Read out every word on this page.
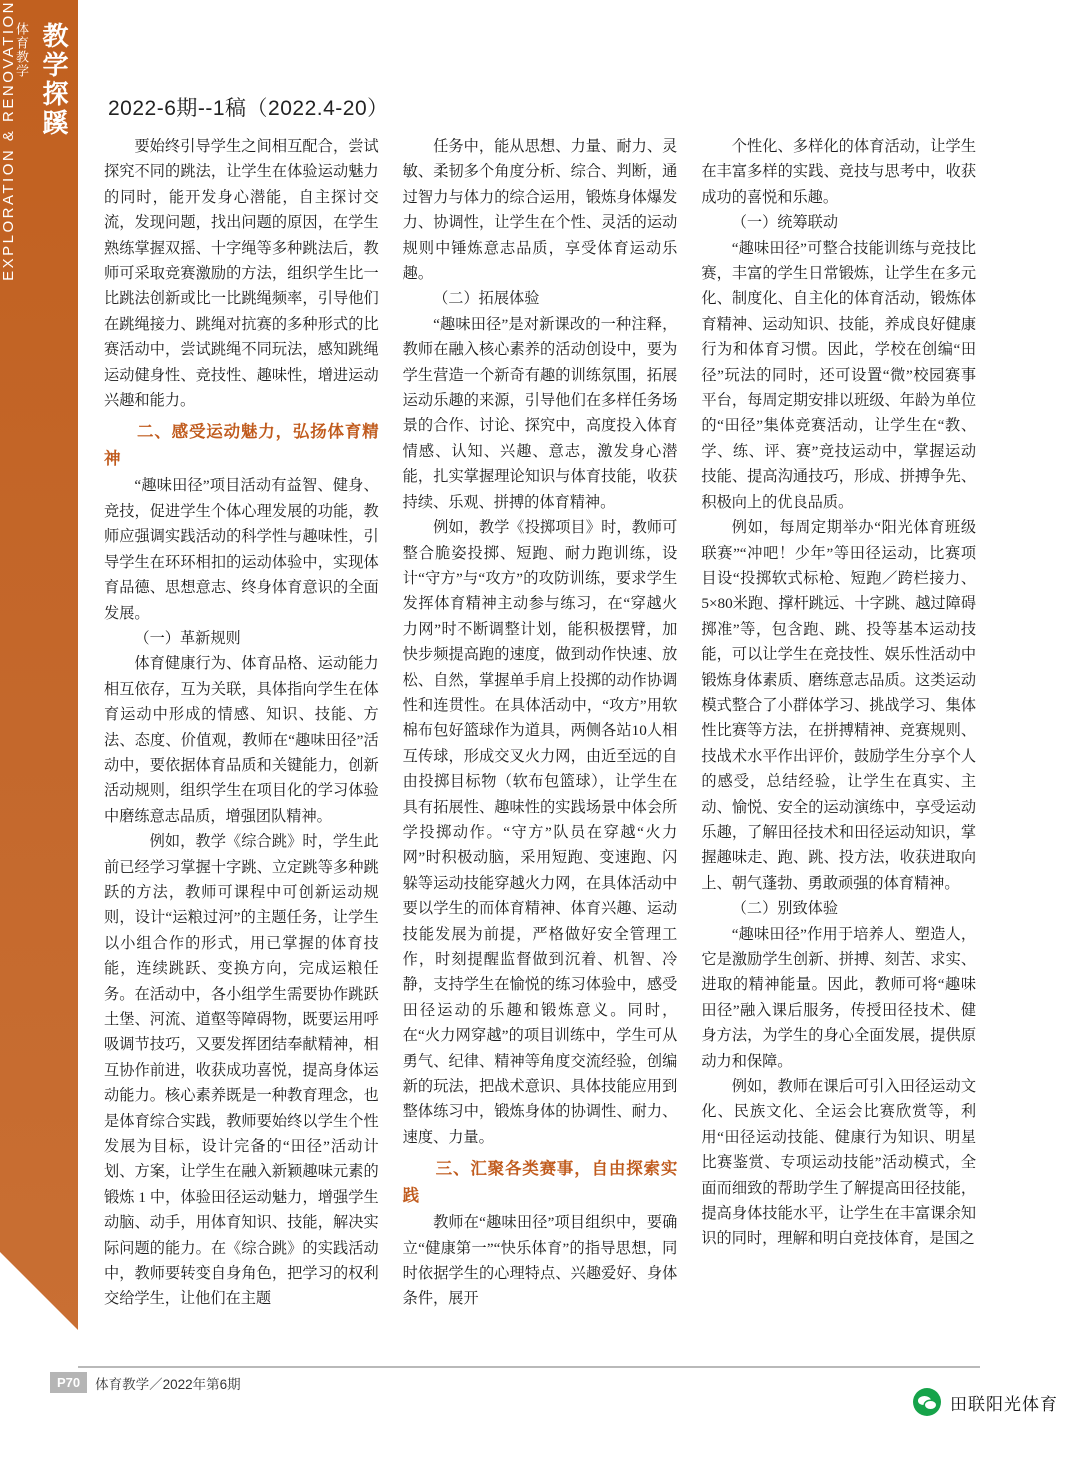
体育教学 教学探蹊
EXPLORATION & RENOVATION	2022-6期--1稿（2022.4-20）

要始终引导学生之间相互配合，尝试探究不同的跳法，让学生在体验运动魅力的同时，能开发身心潜能，自主探讨交流，发现问题，找出问题的原因，在学生熟练掌握双摇、十字绳等多种跳法后，教师可采取竞赛激励的方法，组织学生比一比跳法创新或比一比跳绳频率，引导他们在跳绳接力、跳绳对抗赛的多种形式的比赛活动中，尝试跳绳不同玩法，感知跳绳运动健身性、竞技性、趣味性，增进运动兴趣和能力。

二、感受运动魅力，弘扬体育精神

“趣味田径”项目活动有益智、健身、竞技，促进学生个体心理发展的功能，教师应强调实践活动的科学性与趣味性，引导学生在环环相扣的运动体验中，实现体育品德、思想意志、终身体育意识的全面发展。

（一）革新规则

体育健康行为、体育品格、运动能力相互依存，互为关联，具体指向学生在体育运动中形成的情感、知识、技能、方法、态度、价值观，教师在“趣味田径”活动中，要依据体育品质和关键能力，创新活动规则，组织学生在项目化的学习体验中磨练意志品质，增强团队精神。

例如，教学《综合跳》时，学生此前已经学习掌握十字跳、立定跳等多种跳跃的方法，教师可课程中可创新运动规则，设计“运粮过河”的主题任务，让学生以小组合作的形式，用已掌握的体育技能，连续跳跃、变换方向，完成运粮任务。在活动中，各小组学生需要协作跳跃土堡、河流、道壑等障碍物，既要运用呼吸调节技巧，又要发挥团结奉献精神，相互协作前进，收获成功喜悦，提高身体运动能力。核心素养既是一种教育理念，也是体育综合实践，教师要始终以学生个性发展为目标，设计完备的“田径”活动计划、方案，让学生在融入新颖趣味元素的锻炼 1 中，体验田径运动魅力，增强学生动脑、动手，用体育知识、技能，解决实际问题的能力。在《综合跳》的实践活动中，教师要转变自身角色，把学习的权利交给学生，让他们在主题

任务中，能从思想、力量、耐力、灵敏、柔韧多个角度分析、综合、判断，通过智力与体力的综合运用，锻炼身体爆发力、协调性，让学生在个性、灵活的运动规则中锤炼意志品质，享受体育运动乐趣。

（二）拓展体验

“趣味田径”是对新课改的一种注释，教师在融入核心素养的活动创设中，要为学生营造一个新奇有趣的训练氛围，拓展运动乐趣的来源，引导他们在多样任务场景的合作、讨论、探究中，高度投入体育情感、认知、兴趣、意志，激发身心潜能，扎实掌握理论知识与体育技能，收获持续、乐观、拼搏的体育精神。

例如，教学《投掷项目》时，教师可整合脆姿投掷、短跑、耐力跑训练，设计“守方”与“攻方”的攻防训练，要求学生发挥体育精神主动参与练习，在“穿越火力网”时不断调整计划，能积极摆臂，加快步频提高跑的速度，做到动作快速、放松、自然，掌握单手肩上投掷的动作协调性和连贯性。在具体活动中，“攻方”用软棉布包好篮球作为道具，两侧各站10人相互传球，形成交叉火力网，由近至远的自由投掷目标物（软布包篮球），让学生在具有拓展性、趣味性的实践场景中体会所学投掷动作。“守方”队员在穿越“火力网”时积极动脑，采用短跑、变速跑、闪躲等运动技能穿越火力网，在具体活动中要以学生的而体育精神、体育兴趣、运动技能发展为前提，严格做好安全管理工作，时刻提醒监督做到沉着、机智、冷静，支持学生在愉悦的练习体验中，感受田径运动的乐趣和锻炼意义。同时，在“火力网穿越”的项目训练中，学生可从勇气、纪律、精神等角度交流经验，创编新的玩法，把战术意识、具体技能应用到整体练习中，锻炼身体的协调性、耐力、速度、力量。

三、汇聚各类赛事，自由探索实践

教师在“趣味田径”项目组织中，要确立“健康第一”“快乐体育”的指导思想，同时依据学生的心理特点、兴趣爱好、身体条件，展开

个性化、多样化的体育活动，让学生在丰富多样的实践、竞技与思考中，收获成功的喜悦和乐趣。

（一）统筹联动

“趣味田径”可整合技能训练与竞技比赛，丰富的学生日常锻炼，让学生在多元化、制度化、自主化的体育活动，锻炼体育精神、运动知识、技能，养成良好健康行为和体育习惯。因此，学校在创编“田径”玩法的同时，还可设置“微”校园赛事平台，每周定期安排以班级、年龄为单位的“田径”集体竞赛活动，让学生在“教、学、练、评、赛”竞技运动中，掌握运动技能、提高沟通技巧，形成、拼搏争先、积极向上的优良品质。

例如，每周定期举办“阳光体育班级联赛”“冲吧！少年”等田径运动，比赛项目设“投掷软式标枪、短跑／跨栏接力、5×80米跑、撑杆跳远、十字跳、越过障碍掷准”等，包含跑、跳、投等基本运动技能，可以让学生在竞技性、娱乐性活动中锻炼身体素质、磨练意志品质。这类运动模式整合了小群体学习、挑战学习、集体性比赛等方法，在拼搏精神、竞赛规则、技战术水平作出评价，鼓励学生分享个人的感受，总结经验，让学生在真实、主动、愉悦、安全的运动演练中，享受运动乐趣，了解田径技术和田径运动知识，掌握趣味走、跑、跳、投方法，收获进取向上、朝气蓬勃、勇敢顽强的体育精神。

（二）别致体验

“趣味田径”作用于培养人、塑造人，它是激励学生创新、拼搏、刻苦、求实、进取的精神能量。因此，教师可将“趣味田径”融入课后服务，传授田径技术、健身方法，为学生的身心全面发展，提供原动力和保障。

例如，教师在课后可引入田径运动文化、民族文化、全运会比赛欣赏等，利用“田径运动技能、健康行为知识、明星比赛鉴赏、专项运动技能”活动模式，全面而细致的帮助学生了解提高田径技能，提高身体技能水平，让学生在丰富课余知识的同时，理解和明白竞技体育，是国之

P70	体育教学／2022年第6期
田联阳光体育
